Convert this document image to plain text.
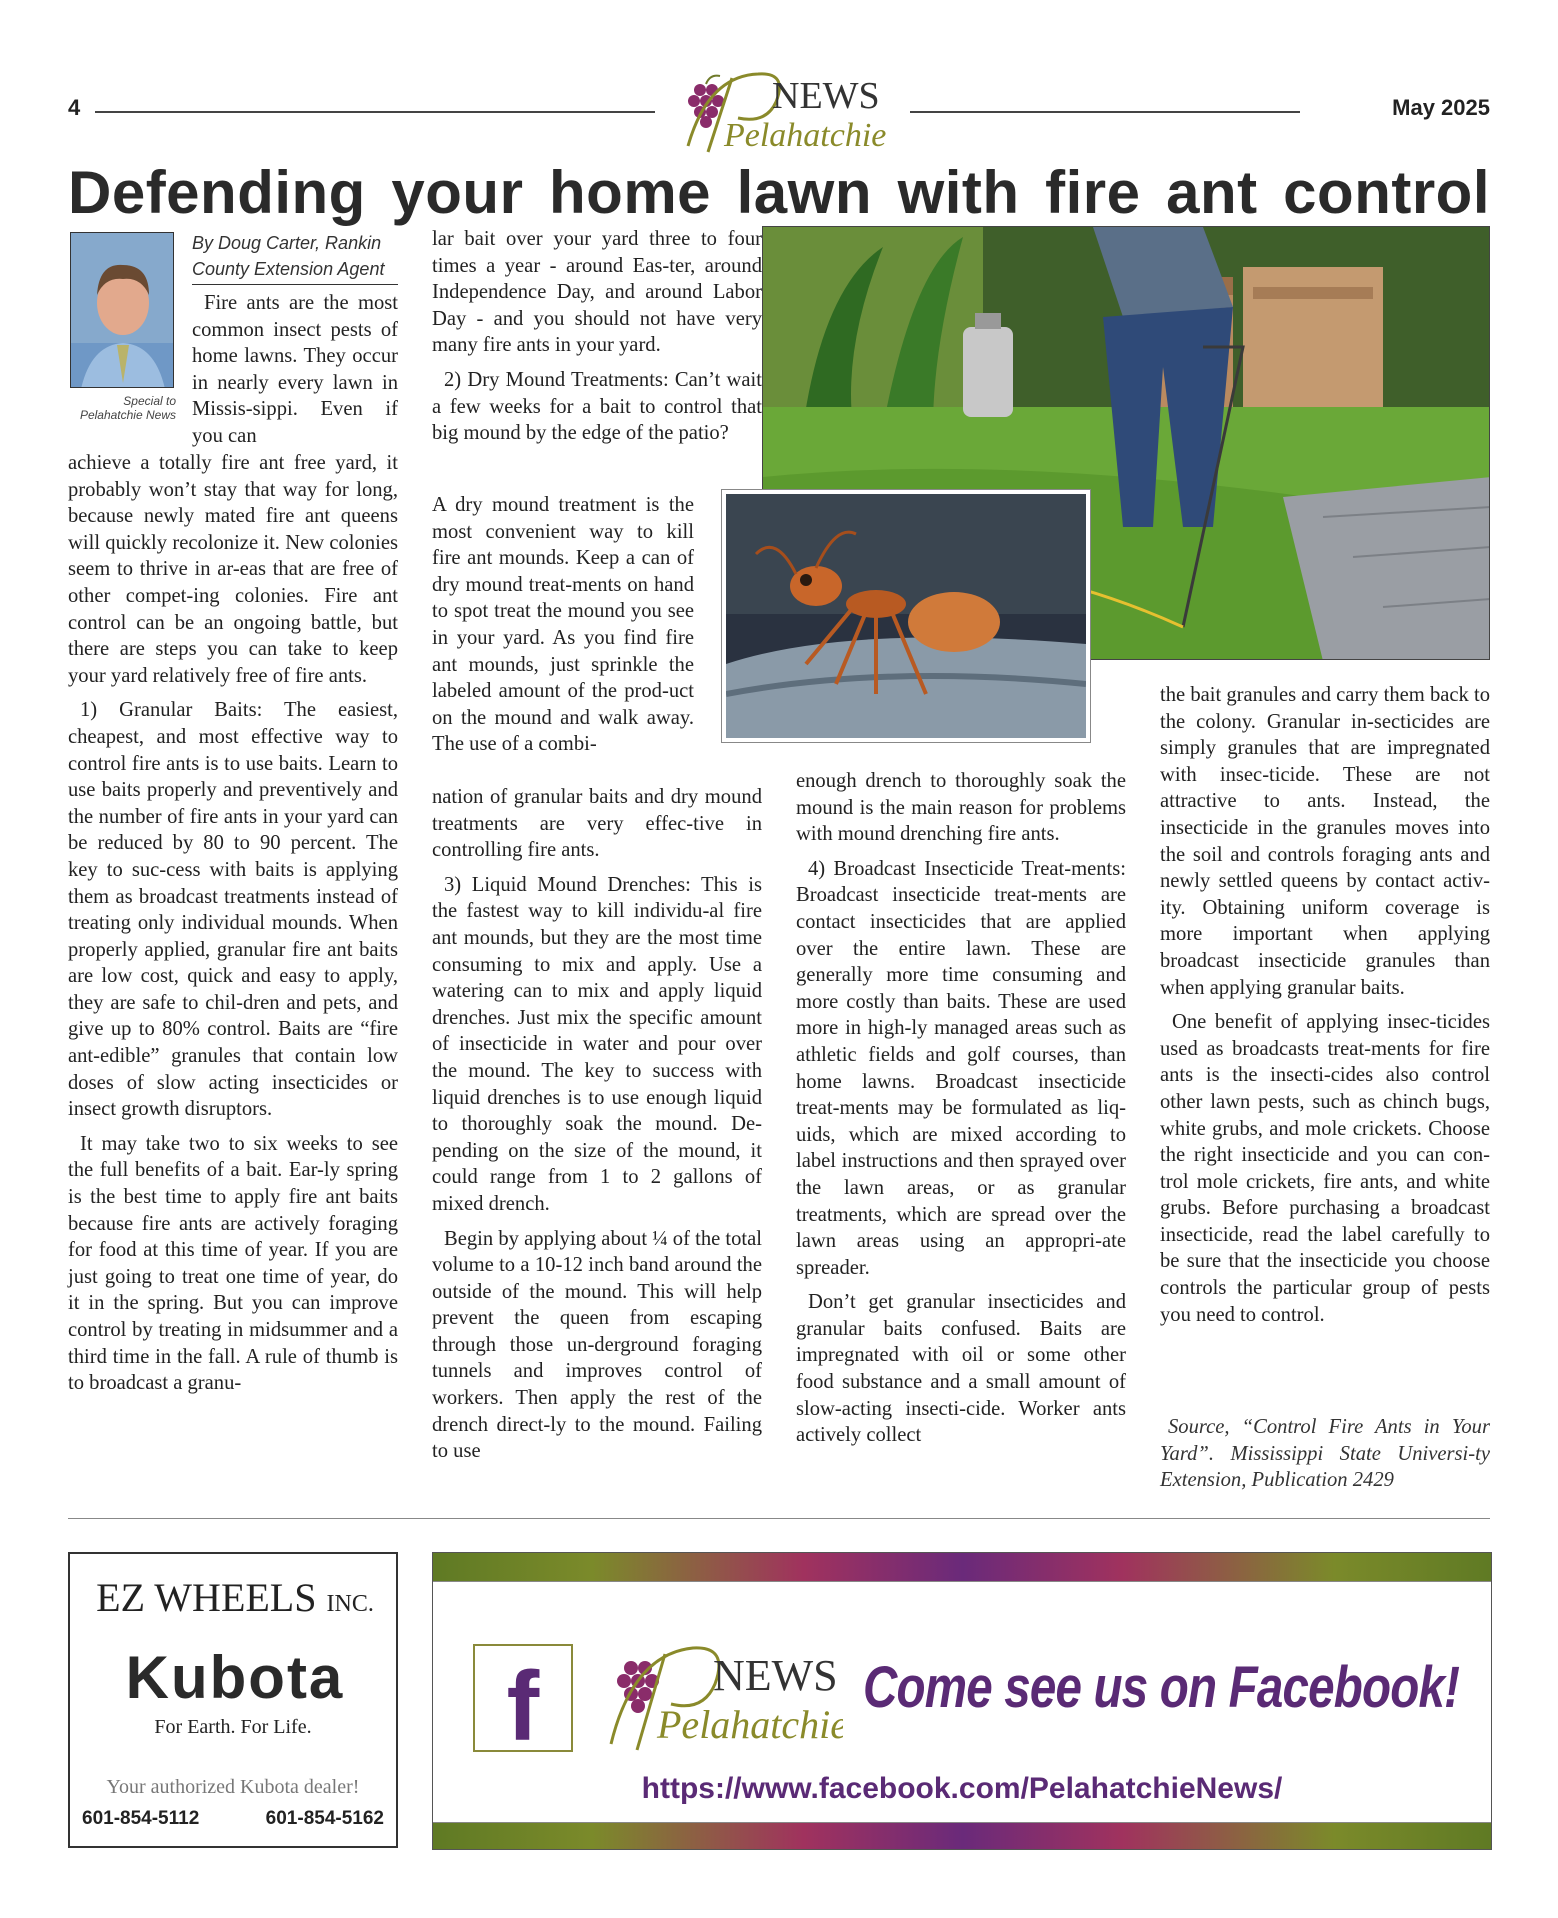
4	NEWS
Pelahatchie
May 2025
Defending your home lawn with fire ant control
Special to
Pelahatchie News
By Doug Carter, Rankin
County Extension Agent

Fire ants are the most common insect pests of home lawns. They occur in nearly every lawn in Missis-sippi. Even if you can

achieve a totally fire ant free yard, it probably won’t stay that way for long, because newly mated fire ant queens will quickly recolonize it. New colonies seem to thrive in ar-eas that are free of other compet-ing colonies. Fire ant control can be an ongoing battle, but there are steps you can take to keep your yard relatively free of fire ants.

1) Granular Baits: The easiest, cheapest, and most effective way to control fire ants is to use baits. Learn to use baits properly and preventively and the number of fire ants in your yard can be reduced by 80 to 90 percent. The key to suc-cess with baits is applying them as broadcast treatments instead of treating only individual mounds. When properly applied, granular fire ant baits are low cost, quick and easy to apply, they are safe to chil-dren and pets, and give up to 80% control. Baits are “fire ant-edible” granules that contain low doses of slow acting insecticides or insect growth disruptors.

It may take two to six weeks to see the full benefits of a bait. Ear-ly spring is the best time to apply fire ant baits because fire ants are actively foraging for food at this time of year. If you are just going to treat one time of year, do it in the spring. But you can improve control by treating in midsummer and a third time in the fall. A rule of thumb is to broadcast a granu-

lar bait over your yard three to four times a year - around Eas-ter, around Independence Day, and around Labor Day - and you should not have very many fire ants in your yard.

2) Dry Mound Treatments: Can’t wait a few weeks for a bait to control that big mound by the edge of the patio?

A dry mound treatment is the most convenient way to kill fire ant mounds. Keep a can of dry mound treat-ments on hand to spot treat the mound you see in your yard. As you find fire ant mounds, just sprinkle the labeled amount of the prod-uct on the mound and walk away. The use of a combi-

nation of granular baits and dry mound treatments are very effec-tive in controlling fire ants.

3) Liquid Mound Drenches: This is the fastest way to kill individu-al fire ant mounds, but they are the most time consuming to mix and apply. Use a watering can to mix and apply liquid drenches. Just mix the specific amount of insecticide in water and pour over the mound. The key to success with liquid drenches is to use enough liquid to thoroughly soak the mound. De-pending on the size of the mound, it could range from 1 to 2 gallons of mixed drench.

Begin by applying about ¼ of the total volume to a 10-12 inch band around the outside of the mound. This will help prevent the queen from escaping through those un-derground foraging tunnels and improves control of workers. Then apply the rest of the drench direct-ly to the mound. Failing to use

enough drench to thoroughly soak the mound is the main reason for problems with mound drenching fire ants.

4) Broadcast Insecticide Treat-ments: Broadcast insecticide treat-ments are contact insecticides that are applied over the entire lawn. These are generally more time consuming and more costly than baits. These are used more in high-ly managed areas such as athletic fields and golf courses, than home lawns. Broadcast insecticide treat-ments may be formulated as liq-uids, which are mixed according to label instructions and then sprayed over the lawn areas, or as granular treatments, which are spread over the lawn areas using an appropri-ate spreader.

Don’t get granular insecticides and granular baits confused. Baits are impregnated with oil or some other food substance and a small amount of slow-acting insecti-cide. Worker ants actively collect

the bait granules and carry them back to the colony. Granular in-secticides are simply granules that are impregnated with insec-ticide. These are not attractive to ants. Instead, the insecticide in the granules moves into the soil and controls foraging ants and newly settled queens by contact activ-ity. Obtaining uniform coverage is more important when applying broadcast insecticide granules than when applying granular baits.

One benefit of applying insec-ticides used as broadcasts treat-ments for fire ants is the insecti-cides also control other lawn pests, such as chinch bugs, white grubs, and mole crickets. Choose the right insecticide and you can con-trol mole crickets, fire ants, and white grubs. Before purchasing a broadcast insecticide, read the label carefully to be sure that the insecticide you choose controls the particular group of pests you need to control.

Source, “Control Fire Ants in Your Yard”. Mississippi State Universi-ty Extension, Publication 2429
EZ WHEELS INC.
Kubota
For Earth. For Life.
Your authorized Kubota dealer!
601-854-5112	601-854-5162
f	NEWS
Pelahatchie
Come see us on Facebook!
https://www.facebook.com/PelahatchieNews/
